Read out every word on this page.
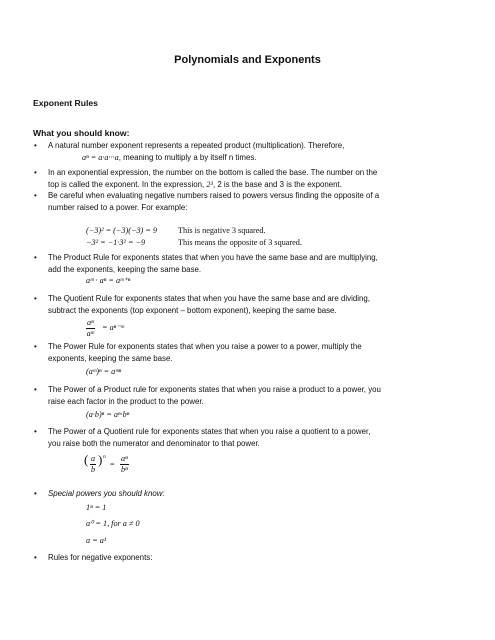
Polynomials and Exponents
Exponent Rules
What you should know:
• A natural number exponent represents a repeated product (multiplication). Therefore,
aⁿ = a·a···a, meaning to multiply a by itself n times.
• In an exponential expression, the number on the bottom is called the base. The number on the
top is called the exponent. In the expression, 2³, 2 is the base and 3 is the exponent.
• Be careful when evaluating negative numbers raised to powers versus finding the opposite of a
number raised to a power. For example:
(−3)² = (−3)(−3) = 9	This is negative 3 squared.
−3² = −1·3² = −9	This means the opposite of 3 squared.
• The Product Rule for exponents states that when you have the same base and are multiplying,
add the exponents, keeping the same base.
aᵐ · aⁿ = aᵐ⁺ⁿ
• The Quotient Rule for exponents states that when you have the same base and are dividing,
subtract the exponents (top exponent – bottom exponent), keeping the same base.
$\frac{\text{aⁿ}}{\text{aᵐ}}$ = aⁿ⁻ᵐ
• The Power Rule for exponents states that when you raise a power to a power, multiply the
exponents, keeping the same base.
(aᵐ)ⁿ = aᵐⁿ
• The Power of a Product rule for exponents states that when you raise a product to a power, you
raise each factor in the product to the power.
(a·b)ⁿ = aⁿ·bⁿ
• The Power of a Quotient rule for exponents states that when you raise a quotient to a power,
you raise both the numerator and denominator to that power.
( $\frac{a}{b}$ ) n
= $\frac{\text{aⁿ}}{\text{bⁿ}}$
• Special powers you should know:
1ⁿ = 1
a⁰ = 1, for a ≠ 0
a = a¹
• Rules for negative exponents:
